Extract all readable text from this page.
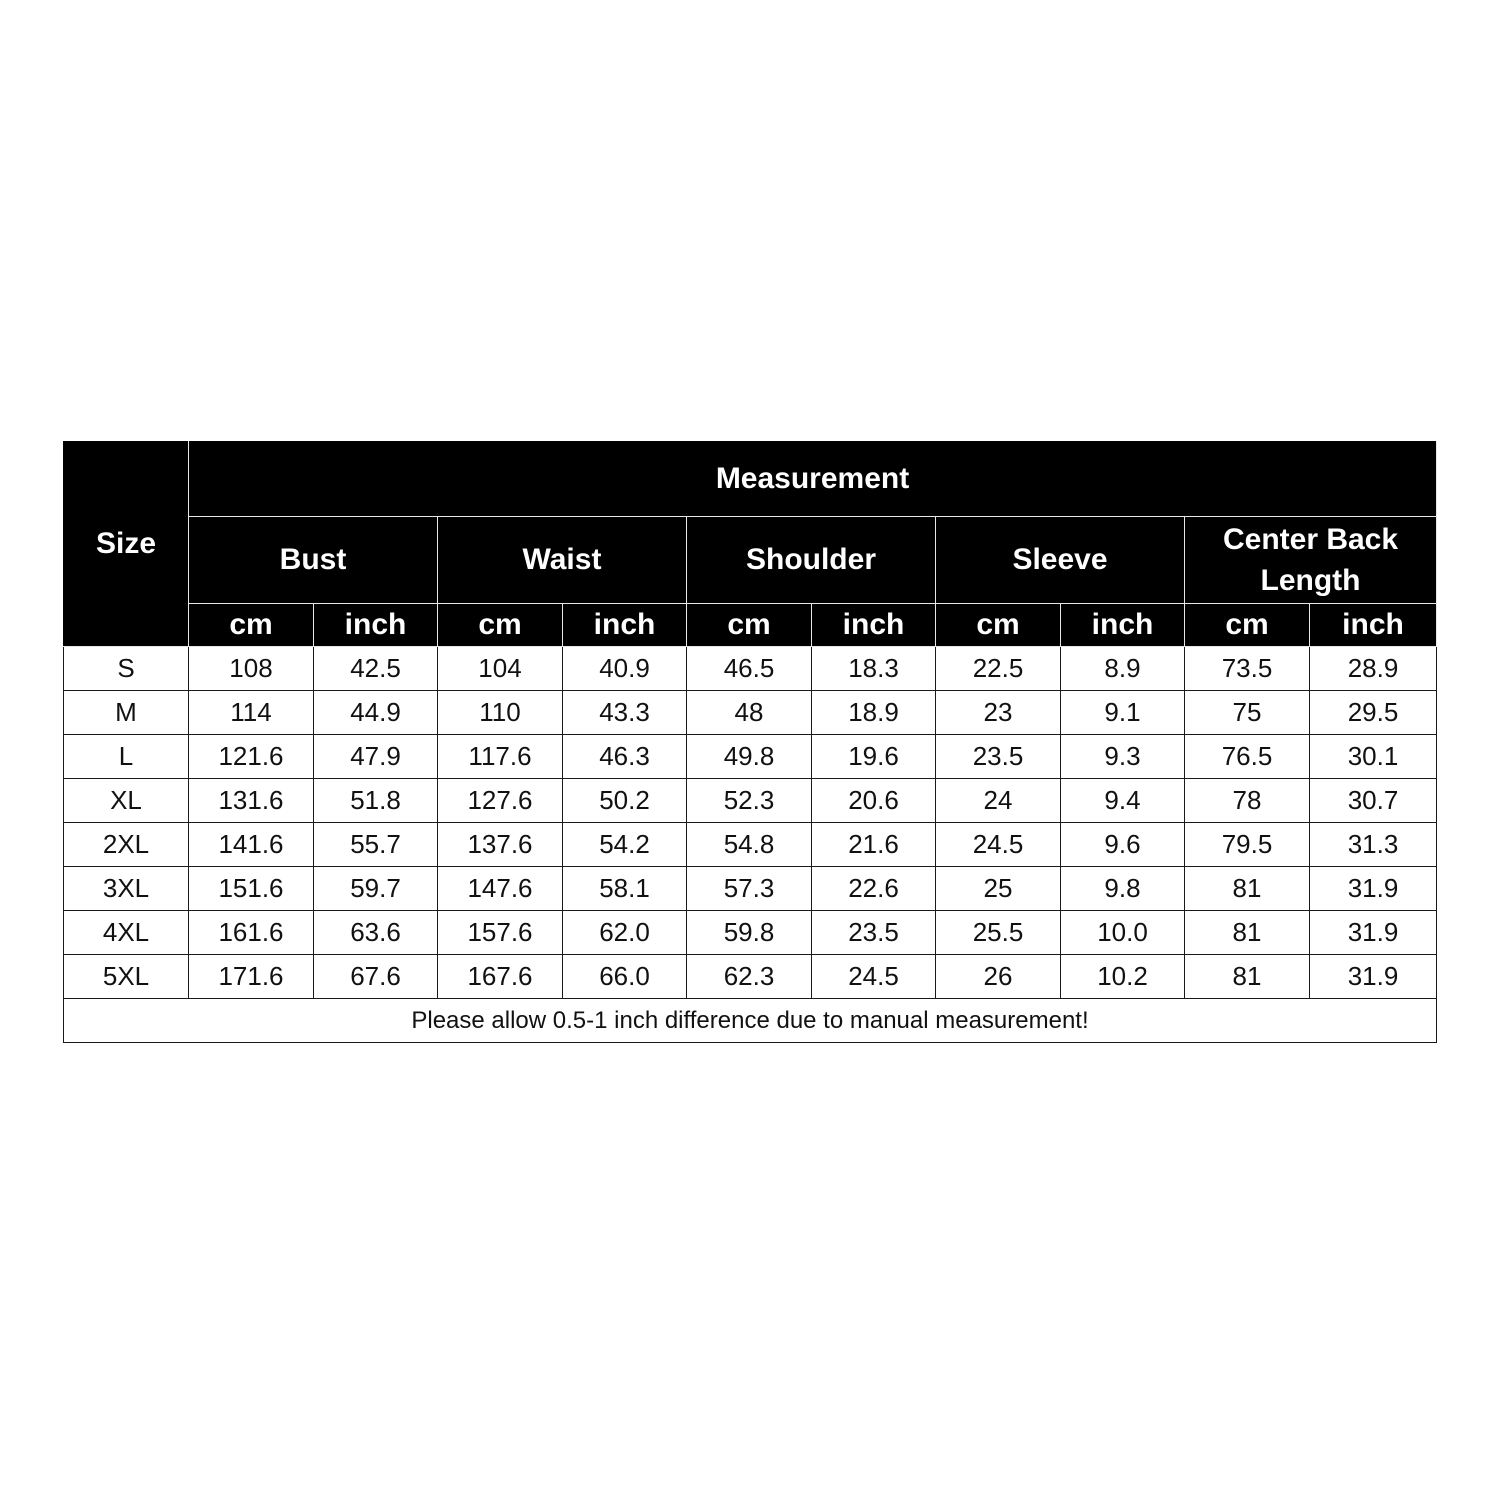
Size	Measurement									
	Bust		Waist		Shoulder		Sleeve		Center Back Length	
	cm	inch	cm	inch	cm	inch	cm	inch	cm	inch
S	108	42.5	104	40.9	46.5	18.3	22.5	8.9	73.5	28.9
M	114	44.9	110	43.3	48	18.9	23	9.1	75	29.5
L	121.6	47.9	117.6	46.3	49.8	19.6	23.5	9.3	76.5	30.1
XL	131.6	51.8	127.6	50.2	52.3	20.6	24	9.4	78	30.7
2XL	141.6	55.7	137.6	54.2	54.8	21.6	24.5	9.6	79.5	31.3
3XL	151.6	59.7	147.6	58.1	57.3	22.6	25	9.8	81	31.9
4XL	161.6	63.6	157.6	62.0	59.8	23.5	25.5	10.0	81	31.9
5XL	171.6	67.6	167.6	66.0	62.3	24.5	26	10.2	81	31.9
Please allow 0.5-1 inch difference due to manual measurement!										
